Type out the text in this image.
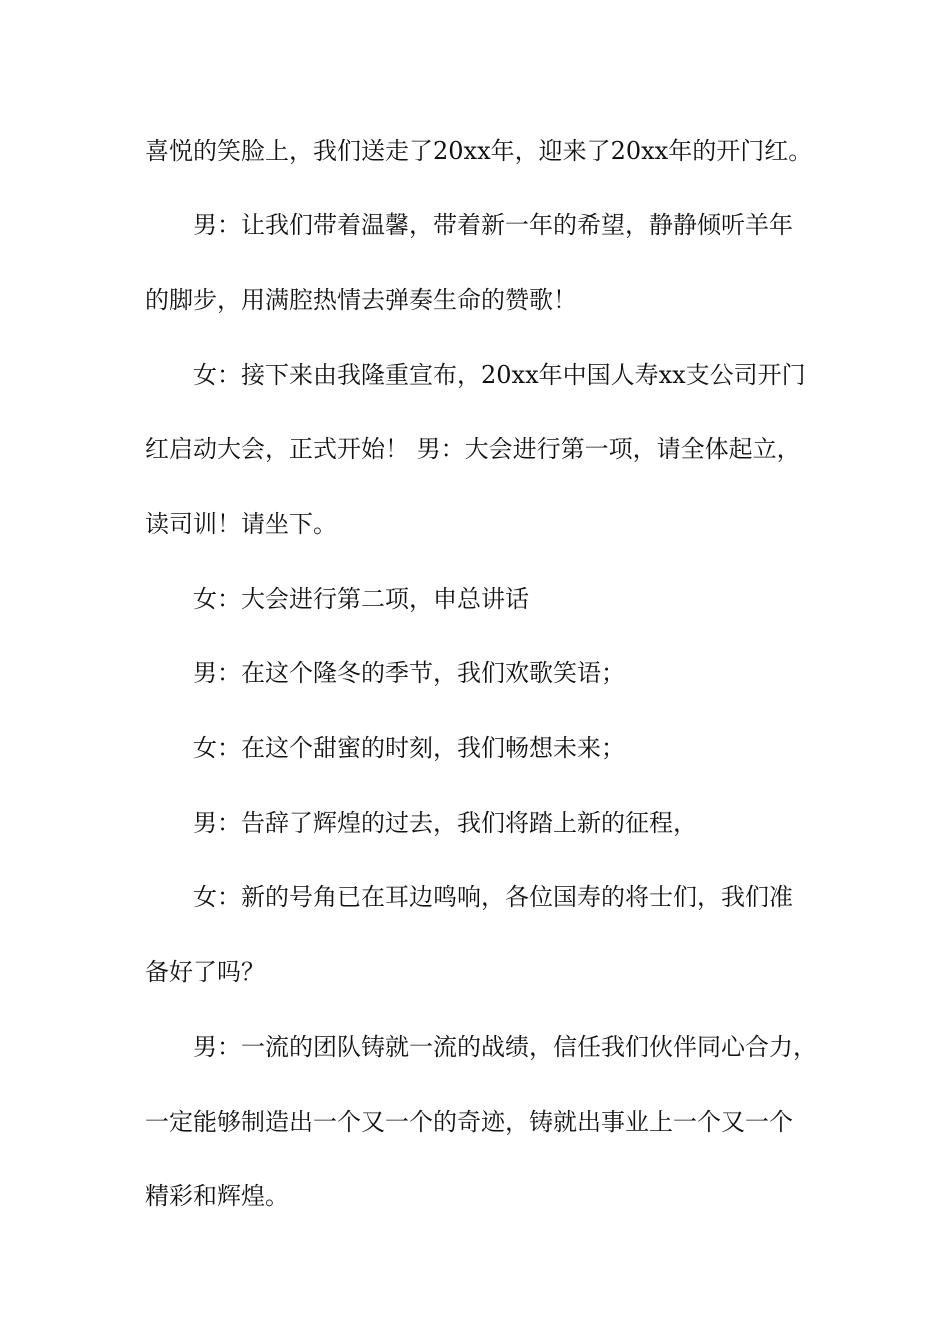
喜悦的笑脸上，我们送走了20xx年，迎来了20xx年的开门红。
男：让我们带着温馨，带着新一年的希望，静静倾听羊年
的脚步，用满腔热情去弹奏生命的赞歌！
女：接下来由我隆重宣布，20xx年中国人寿xx支公司开门
红启动大会，正式开始！ 男：大会进行第一项，请全体起立，
读司训！请坐下。
女：大会进行第二项，申总讲话
男：在这个隆冬的季节，我们欢歌笑语；
女：在这个甜蜜的时刻，我们畅想未来；
男：告辞了辉煌的过去，我们将踏上新的征程，
女：新的号角已在耳边鸣响，各位国寿的将士们，我们准
备好了吗？
男：一流的团队铸就一流的战绩，信任我们伙伴同心合力，
一定能够制造出一个又一个的奇迹，铸就出事业上一个又一个
精彩和辉煌。
